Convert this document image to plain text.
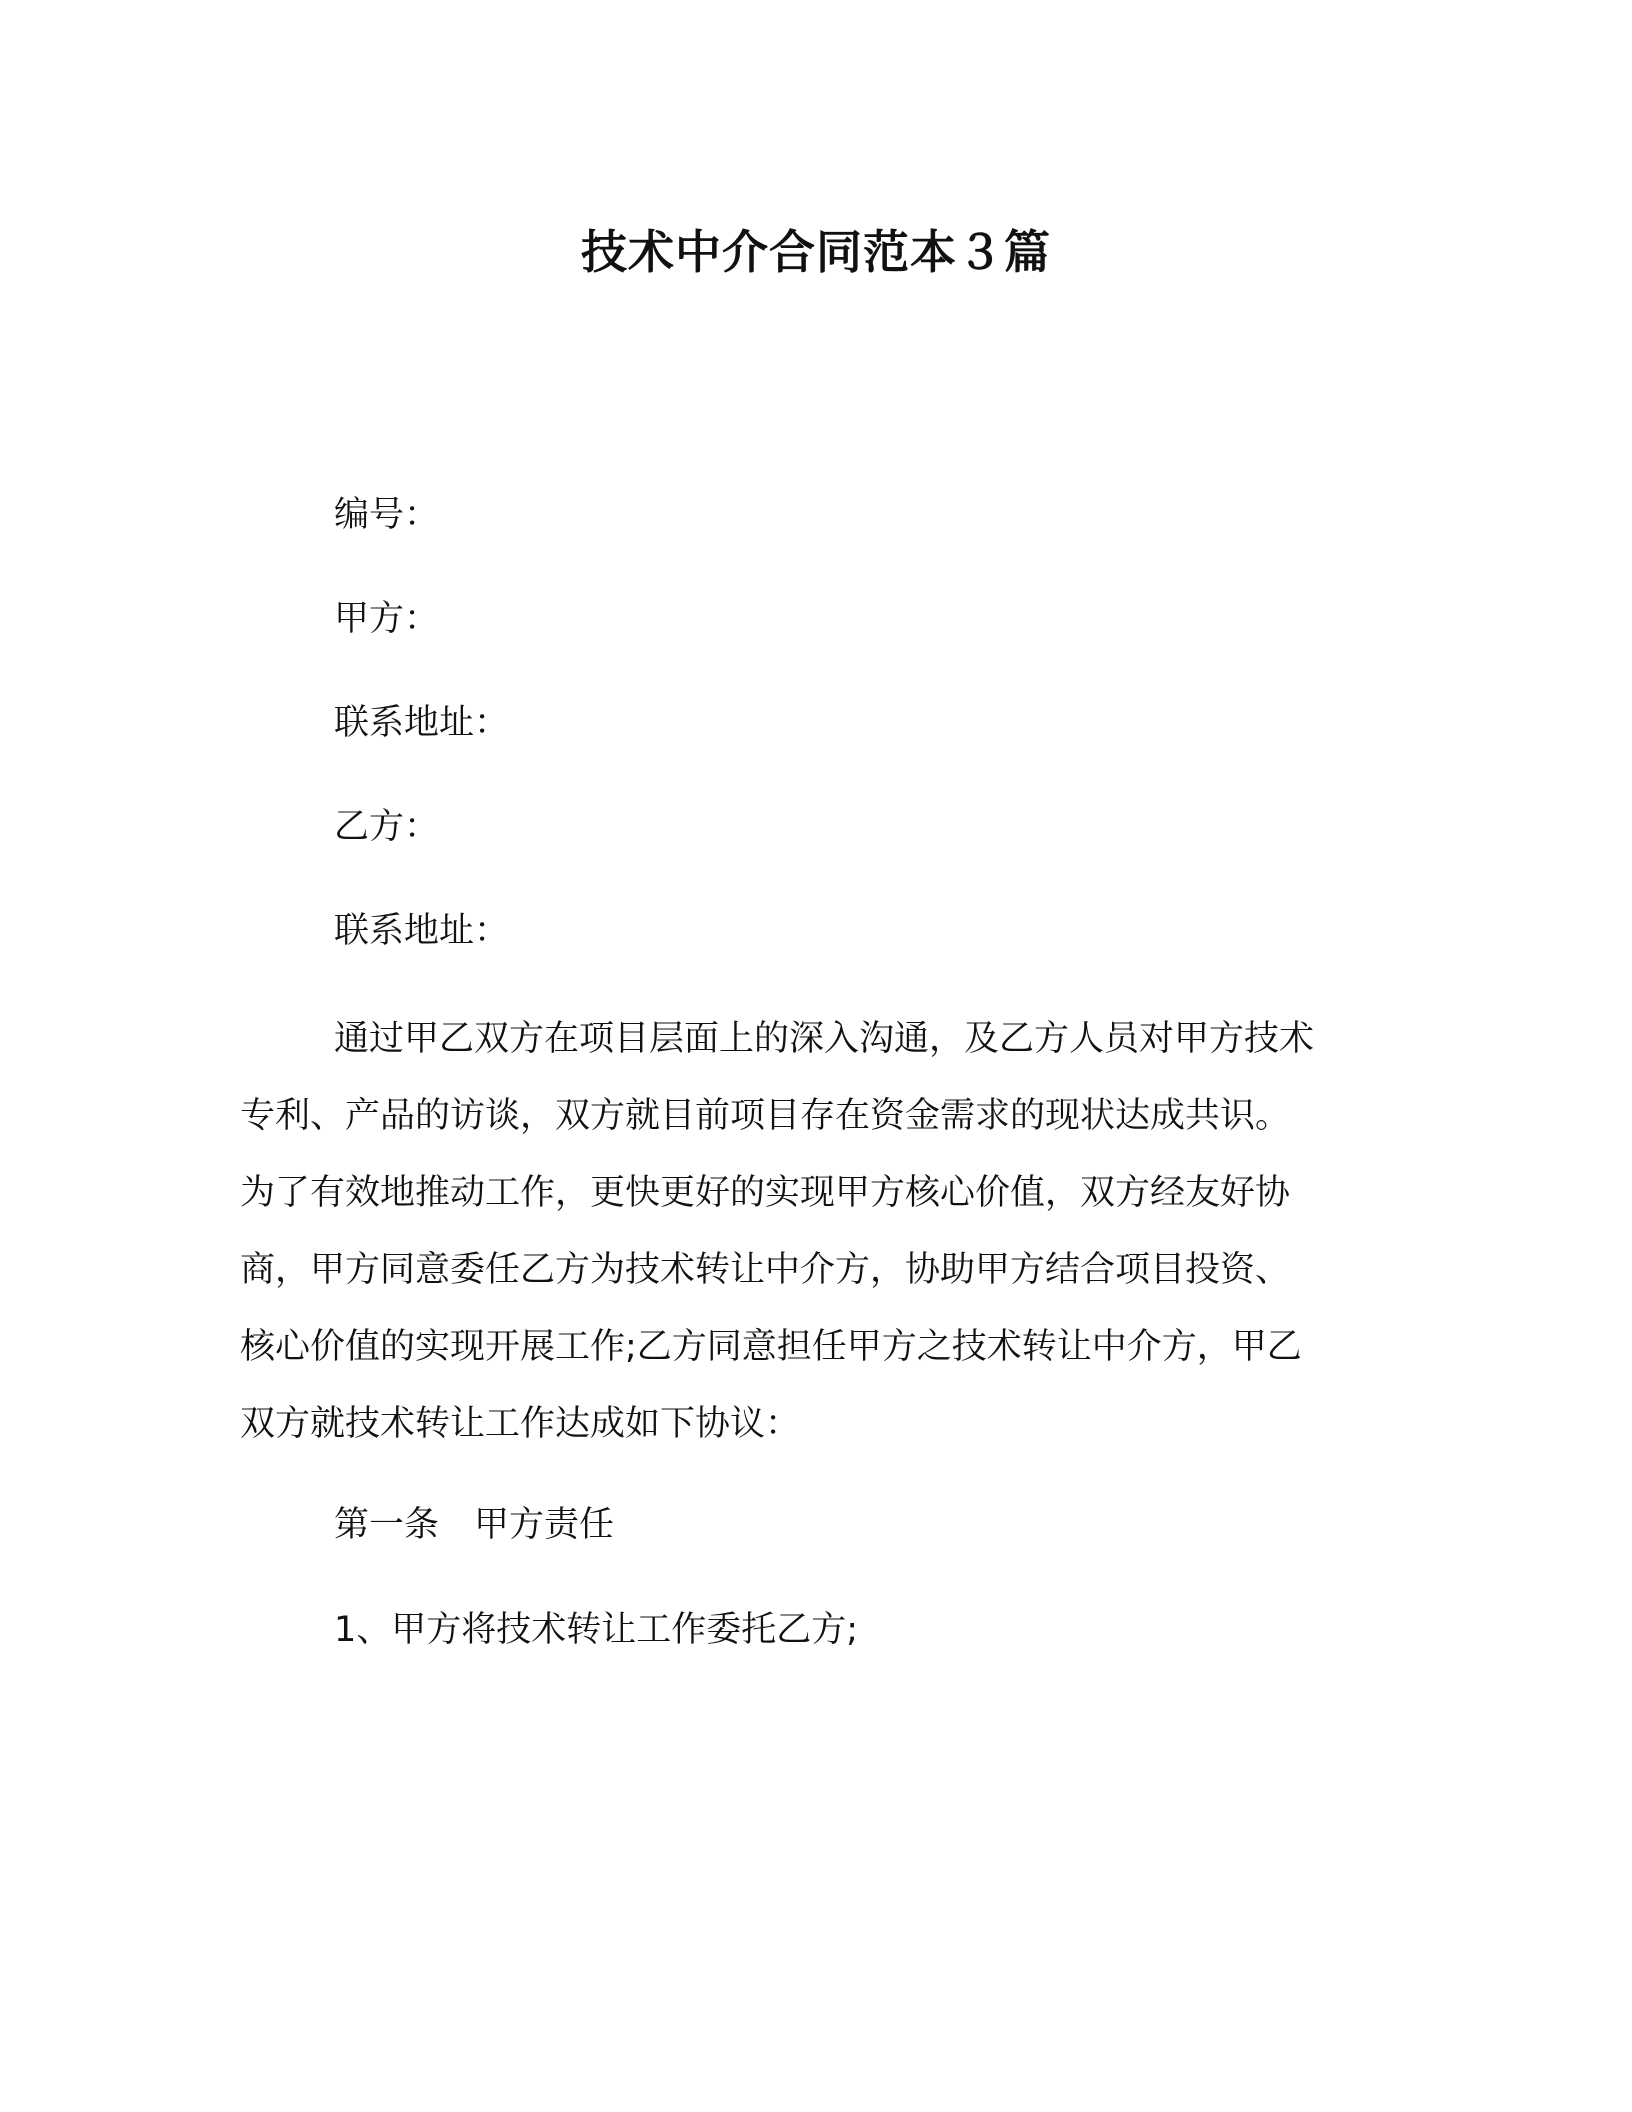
技术中介合同范本３篇
编号：
甲方：
联系地址：
乙方：
联系地址：
通过甲乙双方在项目层面上的深入沟通，及乙方人员对甲方技术
专利、产品的访谈，双方就目前项目存在资金需求的现状达成共识。
为了有效地推动工作，更快更好的实现甲方核心价值，双方经友好协
商，甲方同意委任乙方为技术转让中介方，协助甲方结合项目投资、
核心价值的实现开展工作;乙方同意担任甲方之技术转让中介方，甲乙
双方就技术转让工作达成如下协议：
第一条　甲方责任
1、甲方将技术转让工作委托乙方;
